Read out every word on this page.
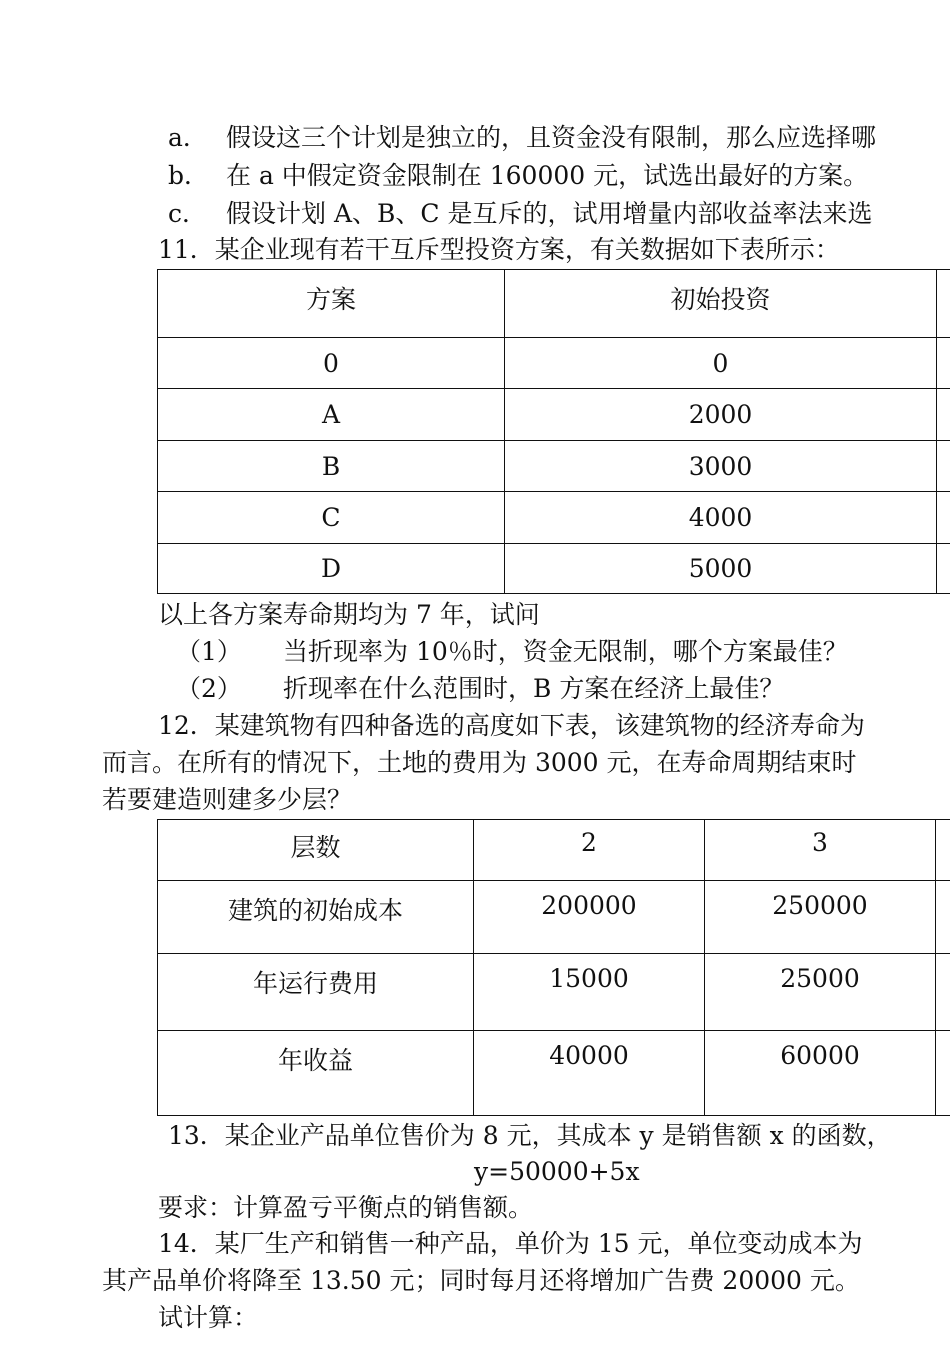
a． 假设这三个计划是独立的，且资金没有限制，那么应选择哪
b． 在 a 中假定资金限制在 160000 元，试选出最好的方案。
c． 假设计划 A、B、C 是互斥的，试用增量内部收益率法来选
11．某企业现有若干互斥型投资方案，有关数据如下表所示：
方案	初始投资	
0	0	
A	2000	
B	3000	
C	4000	
D	5000	
以上各方案寿命期均为 7 年，试问
（1） 当折现率为 10％时，资金无限制，哪个方案最佳？
（2） 折现率在什么范围时，B 方案在经济上最佳？
12．某建筑物有四种备选的高度如下表，该建筑物的经济寿命为
而言。在所有的情况下，土地的费用为 3000 元，在寿命周期结束时
若要建造则建多少层？
层数	2	3	
建筑的初始成本	200000	250000	
年运行费用	15000	25000	
年收益	40000	60000	
13．某企业产品单位售价为 8 元，其成本 y 是销售额 x 的函数，
y=50000+5x
要求：计算盈亏平衡点的销售额。
14．某厂生产和销售一种产品，单价为 15 元，单位变动成本为
其产品单价将降至 13.50 元；同时每月还将增加广告费 20000 元。
试计算：
